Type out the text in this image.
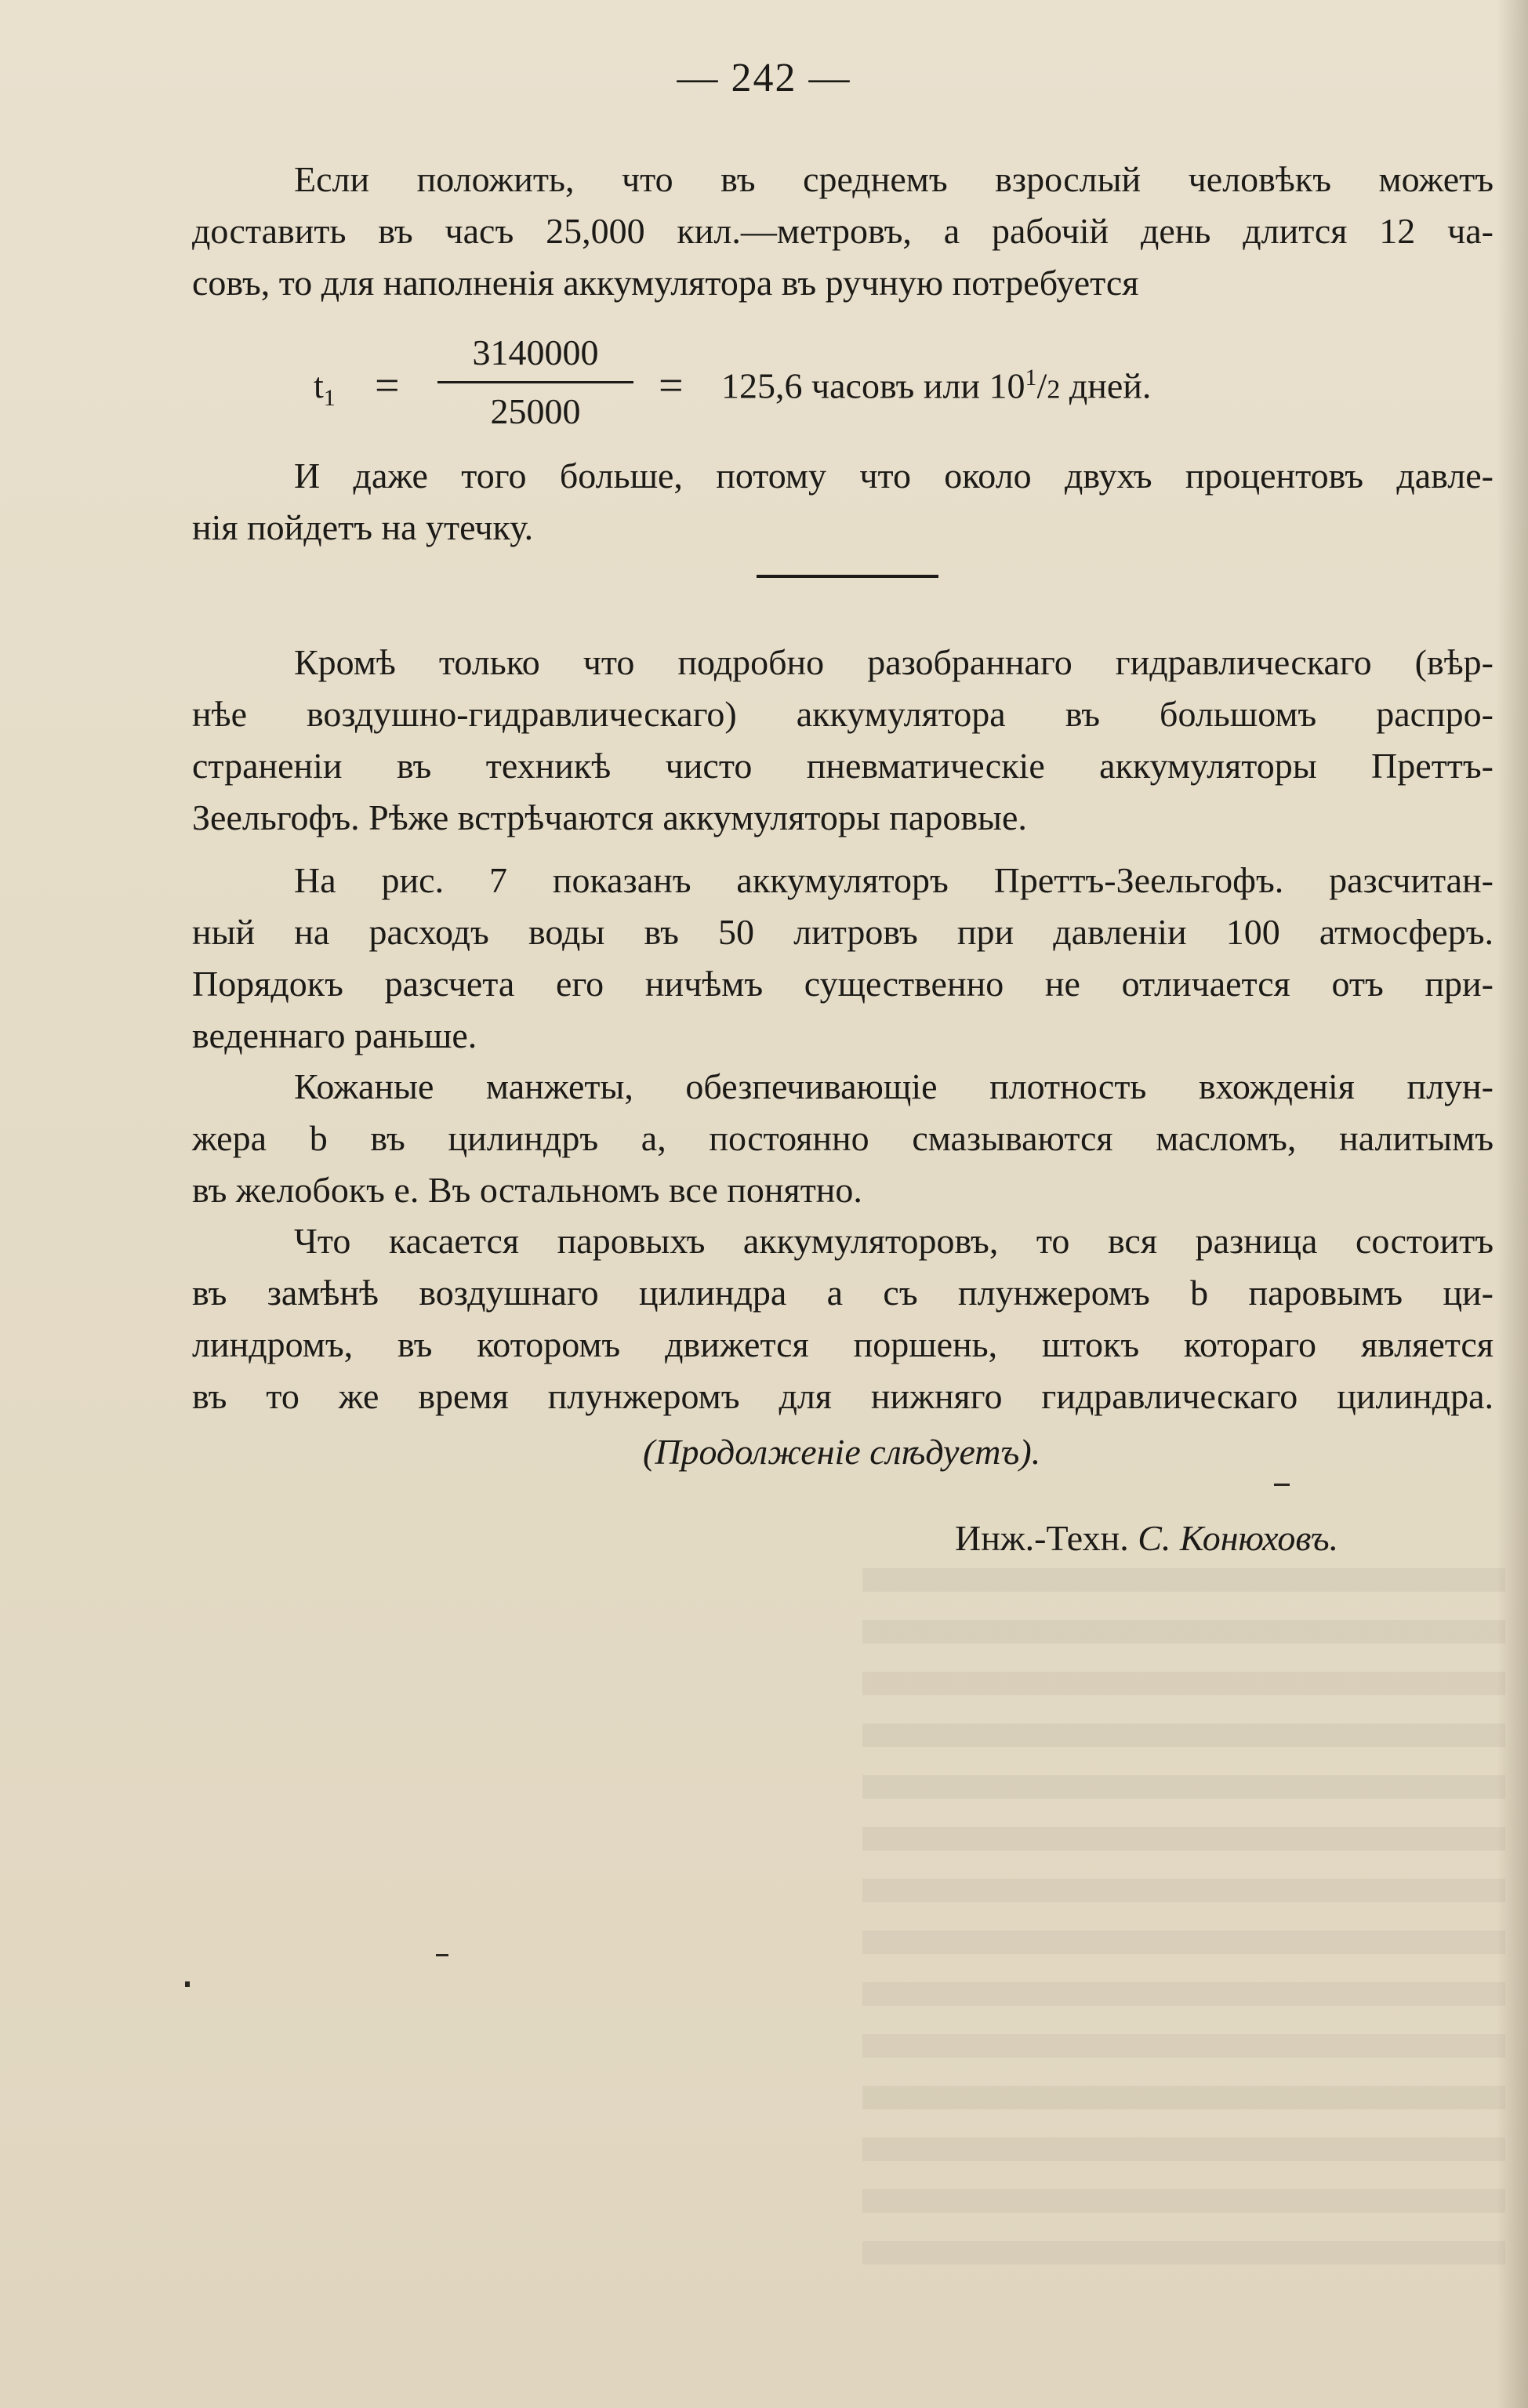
— 242 —
Если положить, что въ среднемъ взрослый человѣкъ можетъ
доставить въ часъ 25,000 кил.—метровъ, а рабочій день длится 12 ча-
совъ, то для наполненія аккумулятора въ ручную потребуется
$t_1$ =
3140000
25000
= 125,6 часовъ или $10^1/2$ дней.
И даже того больше, потому что около двухъ процентовъ давле-
нія пойдетъ на утечку.
Кромѣ только что подробно разобраннаго гидравлическаго (вѣр-
нѣе воздушно-гидравлическаго) аккумулятора въ большомъ распро-
страненіи въ техникѣ чисто пневматическіе аккумуляторы Преттъ-
Зеельгофъ. Рѣже встрѣчаются аккумуляторы паровые.
На рис. 7 показанъ аккумуляторъ Преттъ-Зеельгофъ. разсчитан-
ный на расходъ воды въ 50 литровъ при давленіи 100 атмосферъ.
Порядокъ разсчета его ничѣмъ существенно не отличается отъ при-
веденнаго раньше.
Кожаные манжеты, обезпечивающіе плотность вхожденія плун-
жера b въ цилиндръ a, постоянно смазываются масломъ, налитымъ
въ желобокъ е. Въ остальномъ все понятно.
Что касается паровыхъ аккумуляторовъ, то вся разница состоитъ
въ замѣнѣ воздушнаго цилиндра a съ плунжеромъ b паровымъ ци-
линдромъ, въ которомъ движется поршень, штокъ котораго является
въ то же время плунжеромъ для нижняго гидравлическаго цилиндра.
(Продолженіе слѣдуетъ).
Инж.-Техн. С. Конюховъ.
